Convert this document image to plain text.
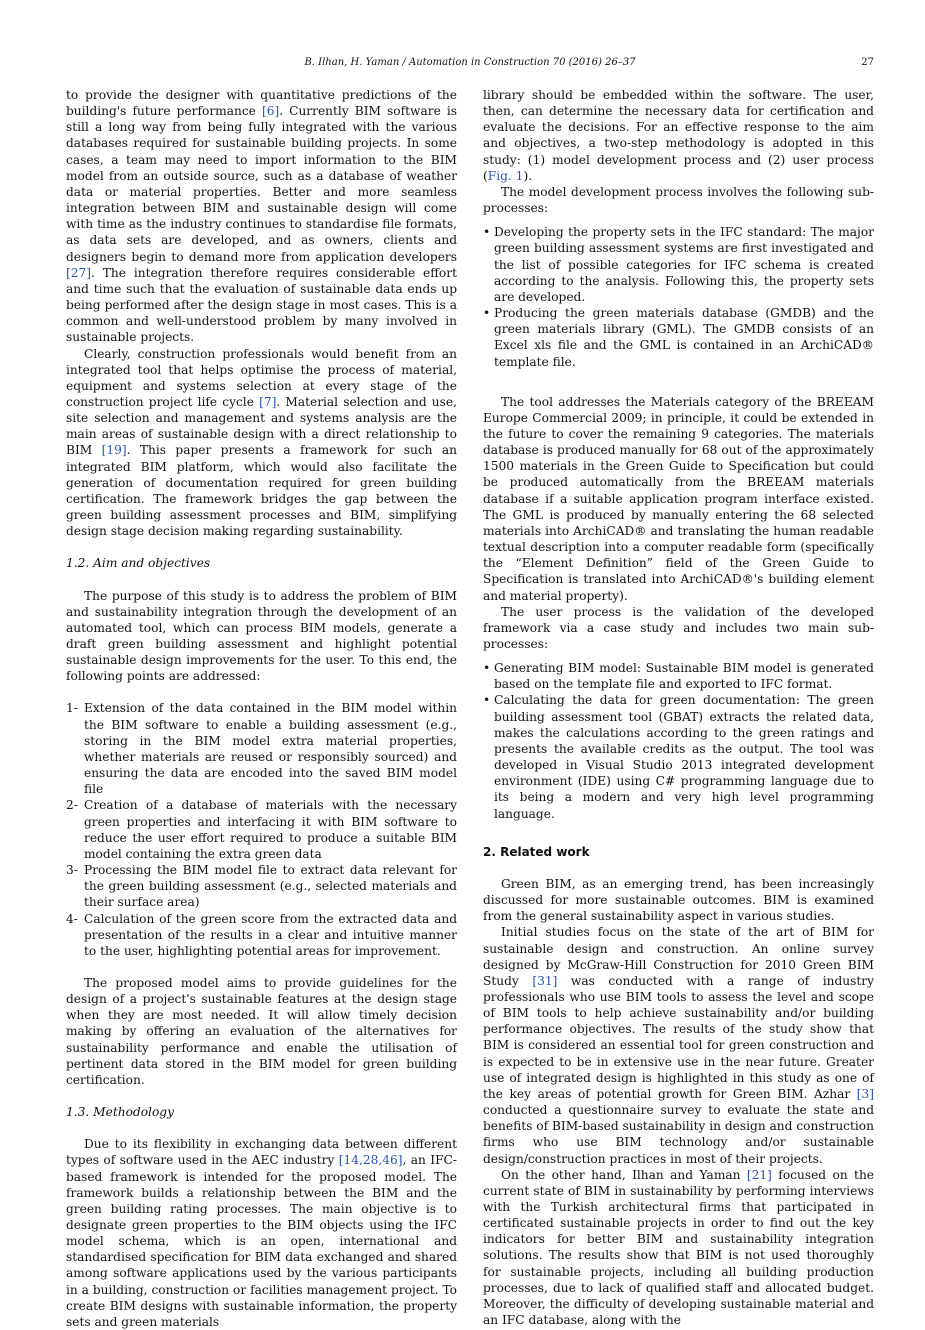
B. Ilhan, H. Yaman / Automation in Construction 70 (2016) 26–37	27

to provide the designer with quantitative predictions of the building's future performance [6]. Currently BIM software is still a long way from being fully integrated with the various databases required for sustainable building projects. In some cases, a team may need to import information to the BIM model from an outside source, such as a database of weather data or material properties. Better and more seamless integration between BIM and sustainable design will come with time as the industry continues to standardise file formats, as data sets are developed, and as owners, clients and designers begin to demand more from application developers [27]. The integration therefore requires considerable effort and time such that the evaluation of sustainable data ends up being performed after the design stage in most cases. This is a common and well-understood problem by many involved in sustainable projects.

Clearly, construction professionals would benefit from an integrated tool that helps optimise the process of material, equipment and systems selection at every stage of the construction project life cycle [7]. Material selection and use, site selection and management and systems analysis are the main areas of sustainable design with a direct relationship to BIM [19]. This paper presents a framework for such an integrated BIM platform, which would also facilitate the generation of documentation required for green building certification. The framework bridges the gap between the green building assessment processes and BIM, simplifying design stage decision making regarding sustainability.

1.2. Aim and objectives

The purpose of this study is to address the problem of BIM and sustainability integration through the development of an automated tool, which can process BIM models, generate a draft green building assessment and highlight potential sustainable design improvements for the user. To this end, the following points are addressed:

1- Extension of the data contained in the BIM model within the BIM software to enable a building assessment (e.g., storing in the BIM model extra material properties, whether materials are reused or responsibly sourced) and ensuring the data are encoded into the saved BIM model file
2- Creation of a database of materials with the necessary green properties and interfacing it with BIM software to reduce the user effort required to produce a suitable BIM model containing the extra green data
3- Processing the BIM model file to extract data relevant for the green building assessment (e.g., selected materials and their surface area)
4- Calculation of the green score from the extracted data and presentation of the results in a clear and intuitive manner to the user, highlighting potential areas for improvement.

The proposed model aims to provide guidelines for the design of a project's sustainable features at the design stage when they are most needed. It will allow timely decision making by offering an evaluation of the alternatives for sustainability performance and enable the utilisation of pertinent data stored in the BIM model for green building certification.

1.3. Methodology

Due to its flexibility in exchanging data between different types of software used in the AEC industry [14,28,46], an IFC-based framework is intended for the proposed model. The framework builds a relationship between the BIM and the green building rating processes. The main objective is to designate green properties to the BIM objects using the IFC model schema, which is an open, international and standardised specification for BIM data exchanged and shared among software applications used by the various participants in a building, construction or facilities management project. To create BIM designs with sustainable information, the property sets and green materials

library should be embedded within the software. The user, then, can determine the necessary data for certification and evaluate the decisions. For an effective response to the aim and objectives, a two-step methodology is adopted in this study: (1) model development process and (2) user process (Fig. 1).

The model development process involves the following sub-processes:

• Developing the property sets in the IFC standard: The major green building assessment systems are first investigated and the list of possible categories for IFC schema is created according to the analysis. Following this, the property sets are developed.
• Producing the green materials database (GMDB) and the green materials library (GML). The GMDB consists of an Excel xls file and the GML is contained in an ArchiCAD® template file.

The tool addresses the Materials category of the BREEAM Europe Commercial 2009; in principle, it could be extended in the future to cover the remaining 9 categories. The materials database is produced manually for 68 out of the approximately 1500 materials in the Green Guide to Specification but could be produced automatically from the BREEAM materials database if a suitable application program interface existed. The GML is produced by manually entering the 68 selected materials into ArchiCAD® and translating the human readable textual description into a computer readable form (specifically the “Element Definition” field of the Green Guide to Specification is translated into ArchiCAD®'s building element and material property).

The user process is the validation of the developed framework via a case study and includes two main sub-processes:

• Generating BIM model: Sustainable BIM model is generated based on the template file and exported to IFC format.
• Calculating the data for green documentation: The green building assessment tool (GBAT) extracts the related data, makes the calculations according to the green ratings and presents the available credits as the output. The tool was developed in Visual Studio 2013 integrated development environment (IDE) using C# programming language due to its being a modern and very high level programming language.
2. Related work

Green BIM, as an emerging trend, has been increasingly discussed for more sustainable outcomes. BIM is examined from the general sustainability aspect in various studies.

Initial studies focus on the state of the art of BIM for sustainable design and construction. An online survey designed by McGraw-Hill Construction for 2010 Green BIM Study [31] was conducted with a range of industry professionals who use BIM tools to assess the level and scope of BIM tools to help achieve sustainability and/or building performance objectives. The results of the study show that BIM is considered an essential tool for green construction and is expected to be in extensive use in the near future. Greater use of integrated design is highlighted in this study as one of the key areas of potential growth for Green BIM. Azhar [3] conducted a questionnaire survey to evaluate the state and benefits of BIM-based sustainability in design and construction firms who use BIM technology and/or sustainable design/construction practices in most of their projects.

On the other hand, Ilhan and Yaman [21] focused on the current state of BIM in sustainability by performing interviews with the Turkish architectural firms that participated in certificated sustainable projects in order to find out the key indicators for better BIM and sustainability integration solutions. The results show that BIM is not used thoroughly for sustainable projects, including all building production processes, due to lack of qualified staff and allocated budget. Moreover, the difficulty of developing sustainable material and an IFC database, along with the
